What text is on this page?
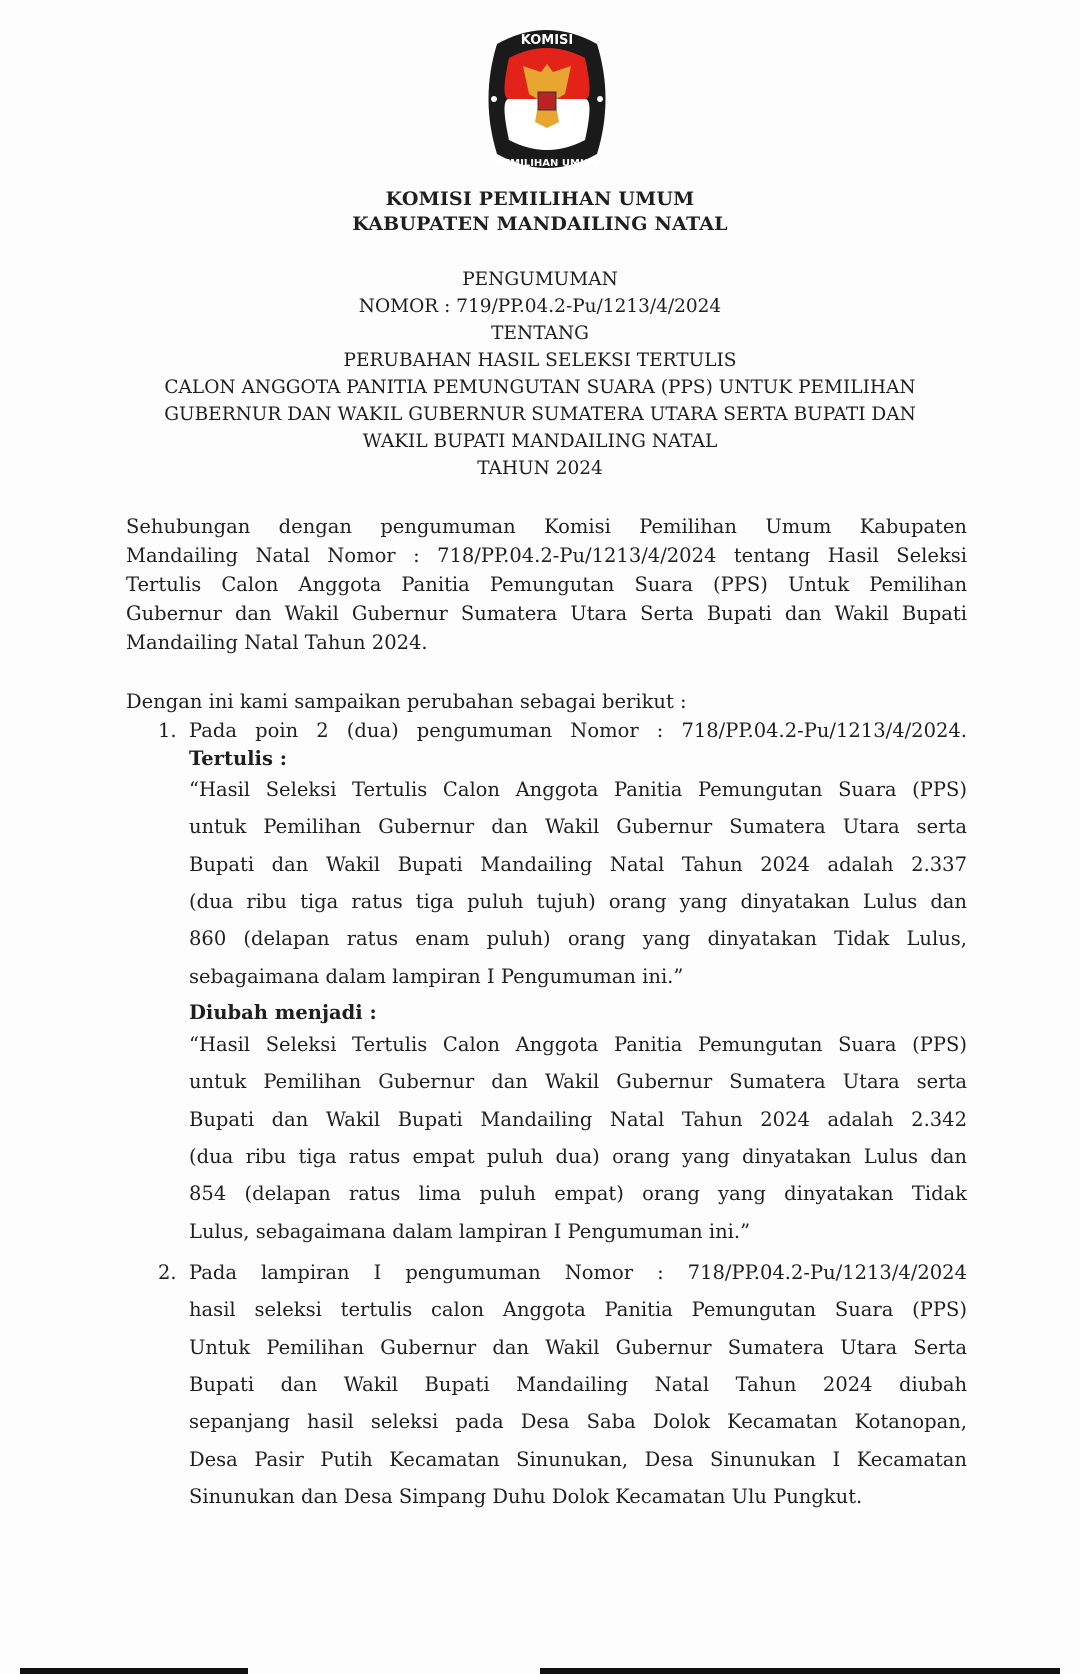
KOMISI
PEMILIHAN UMUM
KOMISI PEMILIHAN UMUM
KABUPATEN MANDAILING NATAL
PENGUMUMAN
NOMOR : 719/PP.04.2-Pu/1213/4/2024
TENTANG
PERUBAHAN HASIL SELEKSI TERTULIS
CALON ANGGOTA PANITIA PEMUNGUTAN SUARA (PPS) UNTUK PEMILIHAN
GUBERNUR DAN WAKIL GUBERNUR SUMATERA UTARA SERTA BUPATI DAN
WAKIL BUPATI MANDAILING NATAL
TAHUN 2024
Sehubungan dengan pengumuman Komisi Pemilihan Umum Kabupaten
Mandailing Natal Nomor : 718/PP.04.2-Pu/1213/4/2024 tentang Hasil Seleksi
Tertulis Calon Anggota Panitia Pemungutan Suara (PPS) Untuk Pemilihan
Gubernur dan Wakil Gubernur Sumatera Utara Serta Bupati dan Wakil Bupati
Mandailing Natal Tahun 2024.
Dengan ini kami sampaikan perubahan sebagai berikut :
1. Pada poin 2 (dua) pengumuman Nomor : 718/PP.04.2-Pu/1213/4/2024.
Tertulis :
“Hasil Seleksi Tertulis Calon Anggota Panitia Pemungutan Suara (PPS)
untuk Pemilihan Gubernur dan Wakil Gubernur Sumatera Utara serta
Bupati dan Wakil Bupati Mandailing Natal Tahun 2024 adalah 2.337
(dua ribu tiga ratus tiga puluh tujuh) orang yang dinyatakan Lulus dan
860 (delapan ratus enam puluh) orang yang dinyatakan Tidak Lulus,
sebagaimana dalam lampiran I Pengumuman ini.”
Diubah menjadi :
“Hasil Seleksi Tertulis Calon Anggota Panitia Pemungutan Suara (PPS)
untuk Pemilihan Gubernur dan Wakil Gubernur Sumatera Utara serta
Bupati dan Wakil Bupati Mandailing Natal Tahun 2024 adalah 2.342
(dua ribu tiga ratus empat puluh dua) orang yang dinyatakan Lulus dan
854 (delapan ratus lima puluh empat) orang yang dinyatakan Tidak
Lulus, sebagaimana dalam lampiran I Pengumuman ini.”
2. Pada lampiran I pengumuman Nomor : 718/PP.04.2-Pu/1213/4/2024
hasil seleksi tertulis calon Anggota Panitia Pemungutan Suara (PPS)
Untuk Pemilihan Gubernur dan Wakil Gubernur Sumatera Utara Serta
Bupati dan Wakil Bupati Mandailing Natal Tahun 2024 diubah
sepanjang hasil seleksi pada Desa Saba Dolok Kecamatan Kotanopan,
Desa Pasir Putih Kecamatan Sinunukan, Desa Sinunukan I Kecamatan
Sinunukan dan Desa Simpang Duhu Dolok Kecamatan Ulu Pungkut.
